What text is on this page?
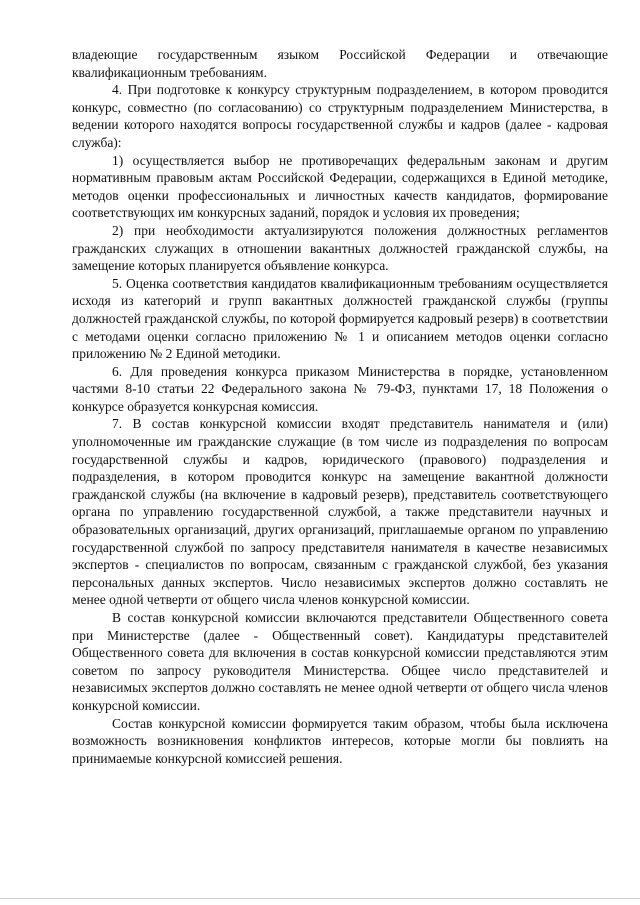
владеющие государственным языком Российской Федерации и отвечающие квалификационным требованиям.

4. При подготовке к конкурсу структурным подразделением, в котором проводится конкурс, совместно (по согласованию) со структурным подразделением Министерства, в ведении которого находятся вопросы государственной службы и кадров (далее - кадровая служба):

1) осуществляется выбор не противоречащих федеральным законам и другим нормативным правовым актам Российской Федерации, содержащихся в Единой методике, методов оценки профессиональных и личностных качеств кандидатов, формирование соответствующих им конкурсных заданий, порядок и условия их проведения;

2) при необходимости актуализируются положения должностных регламентов гражданских служащих в отношении вакантных должностей гражданской службы, на замещение которых планируется объявление конкурса.

5. Оценка соответствия кандидатов квалификационным требованиям осуществляется исходя из категорий и групп вакантных должностей гражданской службы (группы должностей гражданской службы, по которой формируется кадровый резерв) в соответствии с методами оценки согласно приложению № 1 и описанием методов оценки согласно приложению № 2 Единой методики.

6. Для проведения конкурса приказом Министерства в порядке, установленном частями 8-10 статьи 22 Федерального закона № 79-ФЗ, пунктами 17, 18 Положения о конкурсе образуется конкурсная комиссия.

7. В состав конкурсной комиссии входят представитель нанимателя и (или) уполномоченные им гражданские служащие (в том числе из подразделения по вопросам государственной службы и кадров, юридического (правового) подразделения и подразделения, в котором проводится конкурс на замещение вакантной должности гражданской службы (на включение в кадровый резерв), представитель соответствующего органа по управлению государственной службой, а также представители научных и образовательных организаций, других организаций, приглашаемые органом по управлению государственной службой по запросу представителя нанимателя в качестве независимых экспертов - специалистов по вопросам, связанным с гражданской службой, без указания персональных данных экспертов. Число независимых экспертов должно составлять не менее одной четверти от общего числа членов конкурсной комиссии.

В состав конкурсной комиссии включаются представители Общественного совета при Министерстве (далее - Общественный совет). Кандидатуры представителей Общественного совета для включения в состав конкурсной комиссии представляются этим советом по запросу руководителя Министерства. Общее число представителей и независимых экспертов должно составлять не менее одной четверти от общего числа членов конкурсной комиссии.

Состав конкурсной комиссии формируется таким образом, чтобы была исключена возможность возникновения конфликтов интересов, которые могли бы повлиять на принимаемые конкурсной комиссией решения.
